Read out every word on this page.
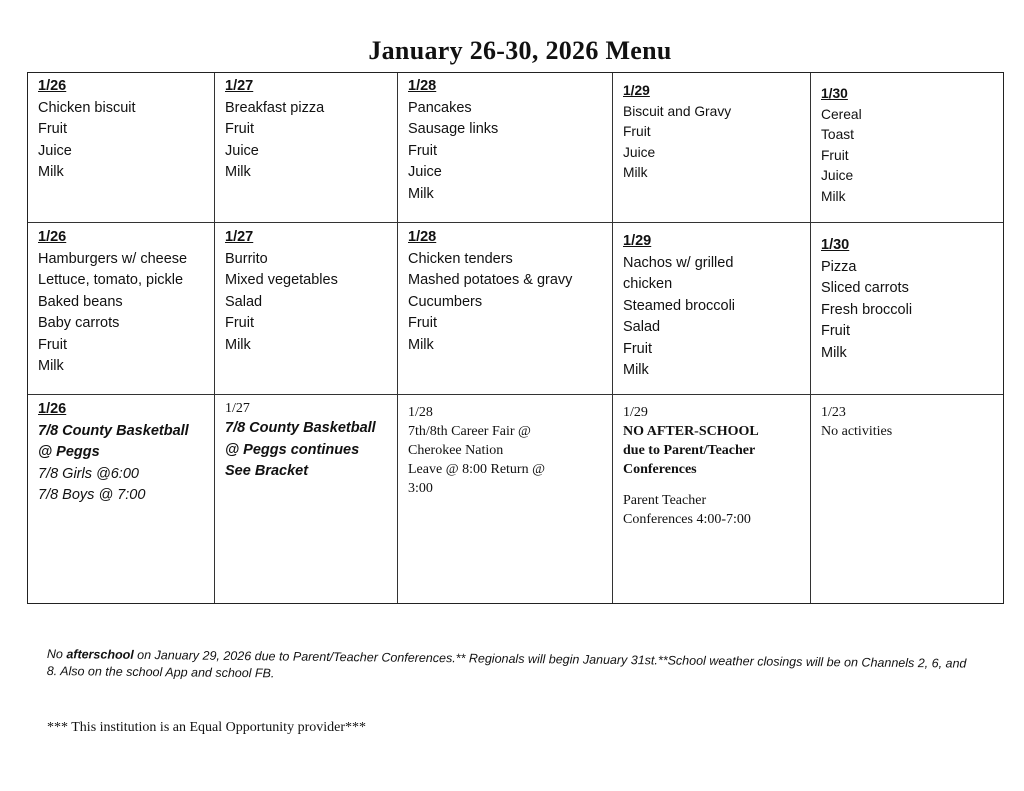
January 26-30, 2026 Menu
1/26
Chicken biscuit
Fruit
Juice
Milk
1/27
Breakfast pizza
Fruit
Juice
Milk
1/28
Pancakes
Sausage links
Fruit
Juice
Milk
1/29
Biscuit and Gravy
Fruit
Juice
Milk
1/30
Cereal
Toast
Fruit
Juice
Milk
1/26
Hamburgers w/ cheese
Lettuce, tomato, pickle
Baked beans
Baby carrots
Fruit
Milk
1/27
Burrito
Mixed vegetables
Salad
Fruit
Milk
1/28
Chicken tenders
Mashed potatoes & gravy
Cucumbers
Fruit
Milk
1/29
Nachos w/ grilled
chicken
Steamed broccoli
Salad
Fruit
Milk
1/30
Pizza
Sliced carrots
Fresh broccoli
Fruit
Milk
1/26
7/8 County Basketball
@ Peggs
7/8 Girls @6:00
7/8 Boys @ 7:00
1/27
7/8 County Basketball
@ Peggs continues
See Bracket
1/28
7th/8th Career Fair @
Cherokee Nation
Leave @ 8:00 Return @
3:00
1/29
NO AFTER-SCHOOL
due to Parent/Teacher
Conferences
Parent Teacher
Conferences 4:00-7:00
1/23
No activities
No afterschool on January 29, 2026 due to Parent/Teacher Conferences.** Regionals will begin January 31st.**School weather closings will be on Channels 2, 6, and 8. Also on the school App and school FB.
*** This institution is an Equal Opportunity provider***
